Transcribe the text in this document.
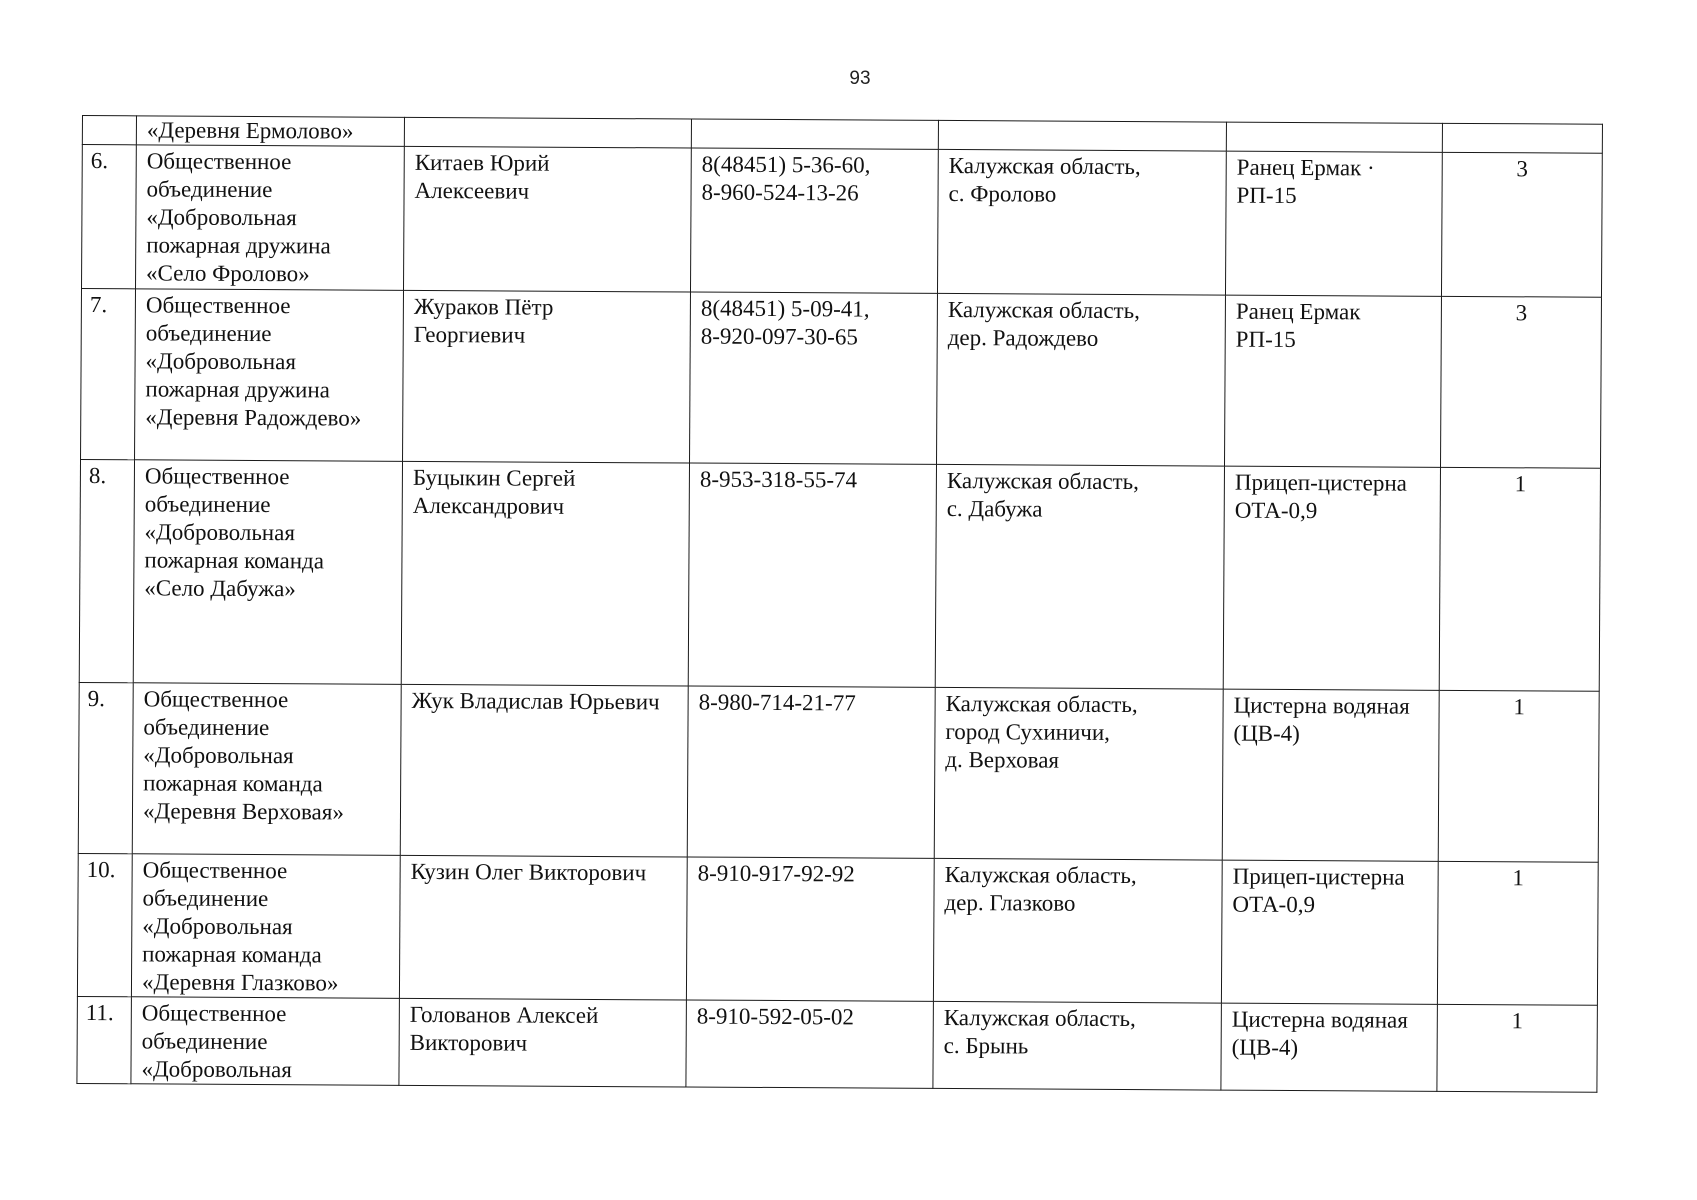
93
	«Деревня Ермолово»					
6.	Общественное
объединение
«Добровольная
пожарная дружина
«Село Фролово»	Китаев Юрий
Алексеевич	8(48451) 5-36-60,
8-960-524-13-26	Калужская область,
с. Фролово	Ранец Ермак ·
РП-15	3
7.	Общественное
объединение
«Добровольная
пожарная дружина
«Деревня Радождево»	Жураков Пётр
Георгиевич	8(48451) 5-09-41,
8-920-097-30-65	Калужская область,
дер. Радождево	Ранец Ермак
РП-15	3
8.	Общественное
объединение
«Добровольная
пожарная команда
«Село Дабужа»	Буцыкин Сергей
Александрович	8-953-318-55-74	Калужская область,
с. Дабужа	Прицеп-цистерна
ОТА-0,9	1
9.	Общественное
объединение
«Добровольная
пожарная команда
«Деревня Верховая»	Жук Владислав Юрьевич	8-980-714-21-77	Калужская область,
город Сухиничи,
д. Верховая	Цистерна водяная
(ЦВ-4)	1
10.	Общественное
объединение
«Добровольная
пожарная команда
«Деревня Глазково»	Кузин Олег Викторович	8-910-917-92-92	Калужская область,
дер. Глазково	Прицеп-цистерна
ОТА-0,9	1
11.	Общественное
объединение
«Добровольная	Голованов Алексей
Викторович	8-910-592-05-02	Калужская область,
с. Брынь	Цистерна водяная
(ЦВ-4)	1
